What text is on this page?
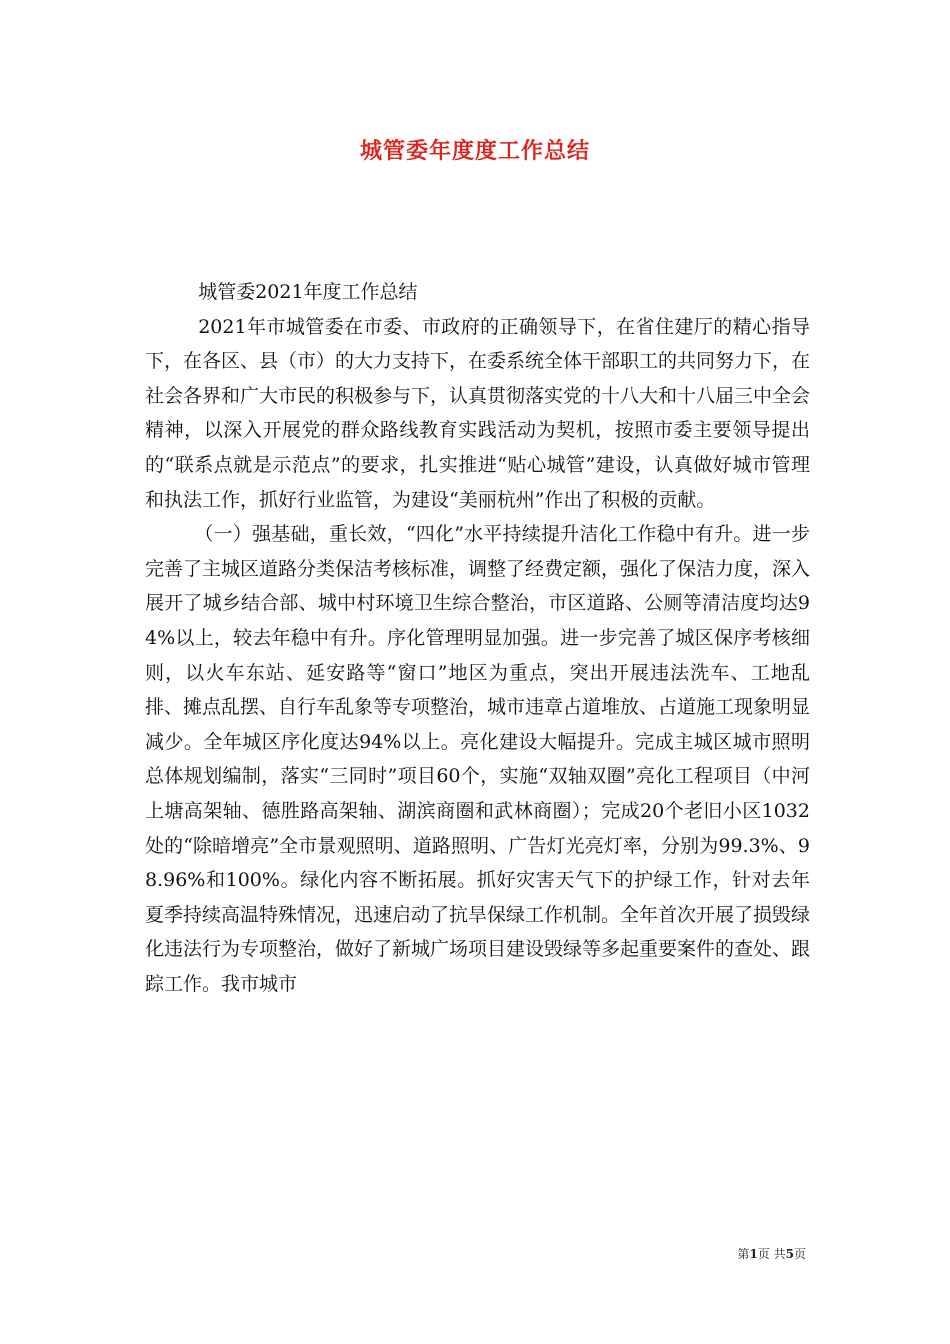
城管委年度度工作总结

城管委2021年度工作总结

2021年市城管委在市委、市政府的正确领导下，在省住建厅的精心指导下，在各区、县（市）的大力支持下，在委系统全体干部职工的共同努力下，在社会各界和广大市民的积极参与下，认真贯彻落实党的十八大和十八届三中全会精神，以深入开展党的群众路线教育实践活动为契机，按照市委主要领导提出的“联系点就是示范点”的要求，扎实推进“贴心城管”建设，认真做好城市管理和执法工作，抓好行业监管，为建设“美丽杭州”作出了积极的贡献。

（一）强基础，重长效，“四化”水平持续提升洁化工作稳中有升。进一步完善了主城区道路分类保洁考核标准，调整了经费定额，强化了保洁力度，深入展开了城乡结合部、城中村环境卫生综合整治，市区道路、公厕等清洁度均达94%以上，较去年稳中有升。序化管理明显加强。进一步完善了城区保序考核细则，以火车东站、延安路等“窗口”地区为重点，突出开展违法洗车、工地乱排、摊点乱摆、自行车乱象等专项整治，城市违章占道堆放、占道施工现象明显减少。全年城区序化度达94%以上。亮化建设大幅提升。完成主城区城市照明总体规划编制，落实“三同时”项目60个，实施“双轴双圈”亮化工程项目（中河上塘高架轴、德胜路高架轴、湖滨商圈和武林商圈）；完成20个老旧小区1032处的“除暗增亮”全市景观照明、道路照明、广告灯光亮灯率，分别为99.3%、98.96%和100%。绿化内容不断拓展。抓好灾害天气下的护绿工作，针对去年夏季持续高温特殊情况，迅速启动了抗旱保绿工作机制。全年首次开展了损毁绿化违法行为专项整治，做好了新城广场项目建设毁绿等多起重要案件的查处、跟踪工作。我市城市

第1页 共5页
